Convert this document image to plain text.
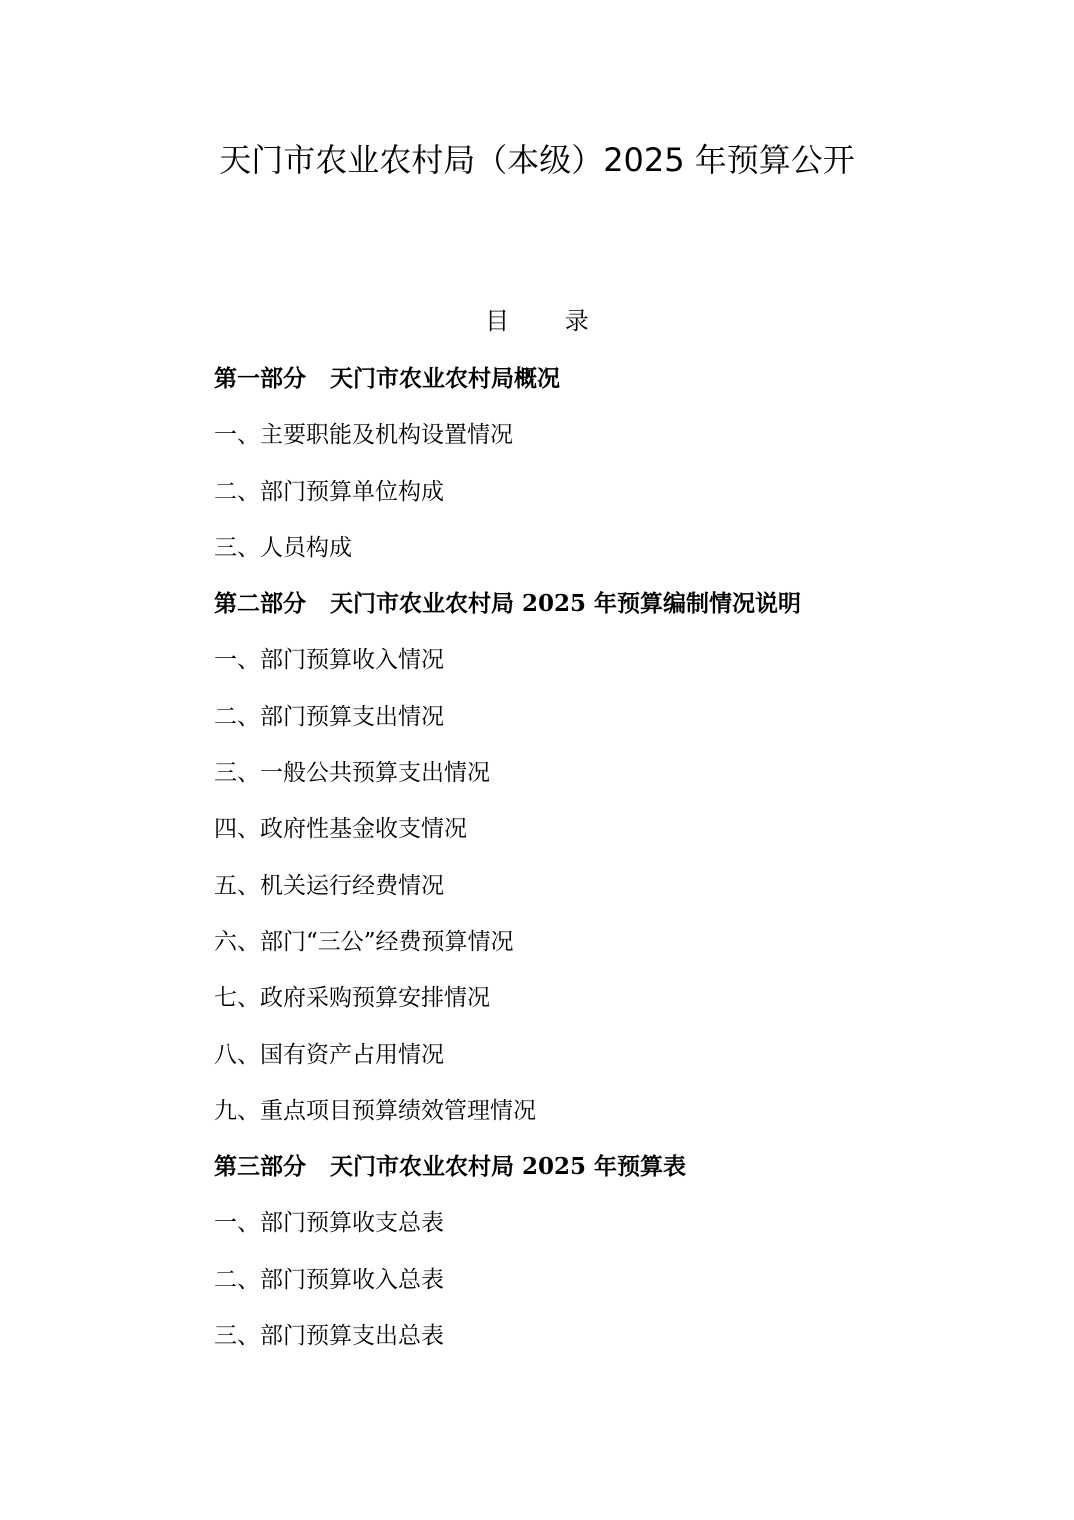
天门市农业农村局（本级）2025 年预算公开
目 录
第一部分   天门市农业农村局概况
一、主要职能及机构设置情况
二、部门预算单位构成
三、人员构成
第二部分   天门市农业农村局 2025 年预算编制情况说明
一、部门预算收入情况
二、部门预算支出情况
三、一般公共预算支出情况
四、政府性基金收支情况
五、机关运行经费情况
六、部门“三公”经费预算情况
七、政府采购预算安排情况
八、国有资产占用情况
九、重点项目预算绩效管理情况
第三部分   天门市农业农村局 2025 年预算表
一、部门预算收支总表
二、部门预算收入总表
三、部门预算支出总表
